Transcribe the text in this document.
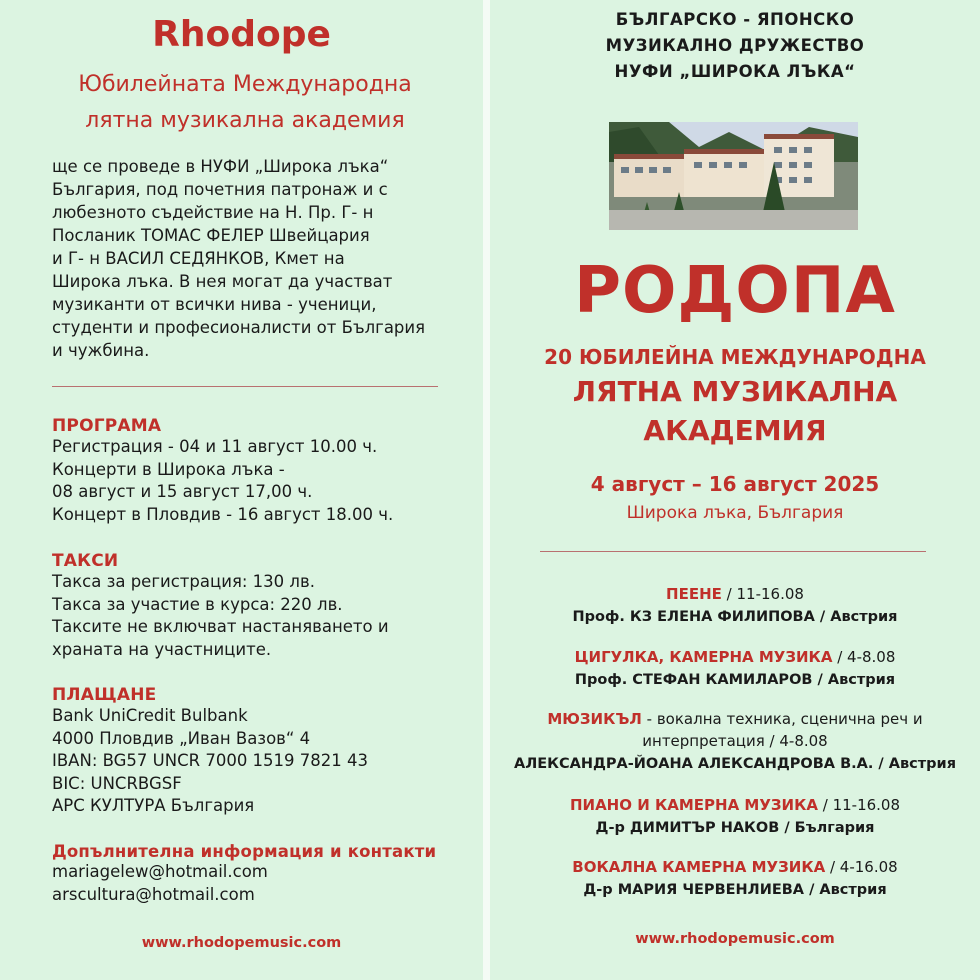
Rhodope
Юбилейната Международна
лятна музикална академия
ще се проведе в НУФИ „Широка лъка“
България, под почетния патронаж и с
любезното съдействие на Н. Пр. Г- н
Посланик ТОМАС ФЕЛЕР Швейцария
и Г- н ВАСИЛ СЕДЯНКОВ, Кмет на
Широка лъка. В нея могат да участват
музиканти от всички нива - ученици,
студенти и професионалисти от България
и чужбина.
ПРОГРАМА
Регистрация - 04 и 11 август 10.00 ч.
Концерти в Широка лъка -
08 август и 15 август 17,00 ч.
Концерт в Пловдив - 16 август 18.00 ч.
ТАКСИ
Такса за регистрация: 130 лв.
Такса за участие в курса: 220 лв.
Таксите не включват настаняването и
храната на участниците.
ПЛАЩАНЕ
Bank UniCredit Bulbank
4000 Пловдив „Иван Вазов“ 4
IBAN: BG57 UNCR 7000 1519 7821 43
BIC: UNCRBGSF
АРС КУЛТУРА България
Допълнителна информация и контакти
mariagelew@hotmail.com
arscultura@hotmail.com
www.rhodopemusic.com
БЪЛГАРСКО - ЯПОНСКО
МУЗИКАЛНО ДРУЖЕСТВО
НУФИ „ШИРОКА ЛЪКА“
РОДОПА
20 ЮБИЛЕЙНА МЕЖДУНАРОДНА
ЛЯТНА МУЗИКАЛНА
АКАДЕМИЯ
4 август – 16 август 2025
Широка лъка, България
ПЕЕНЕ / 11-16.08
Проф. КЗ ЕЛЕНА ФИЛИПОВА / Австрия
ЦИГУЛКА, КАМЕРНА МУЗИКА / 4-8.08
Проф. СТЕФАН КАМИЛАРОВ / Австрия
МЮЗИКЪЛ - вокална техника, сценична реч и
интерпретация / 4-8.08
АЛЕКСАНДРА-ЙОАНА АЛЕКСАНДРОВА В.А. / Австрия
ПИАНО И КАМЕРНА МУЗИКА / 11-16.08
Д-р ДИМИТЪР НАКОВ / България
ВОКАЛНА КАМЕРНА МУЗИКА / 4-16.08
Д-р МАРИЯ ЧЕРВЕНЛИЕВА / Австрия
www.rhodopemusic.com
